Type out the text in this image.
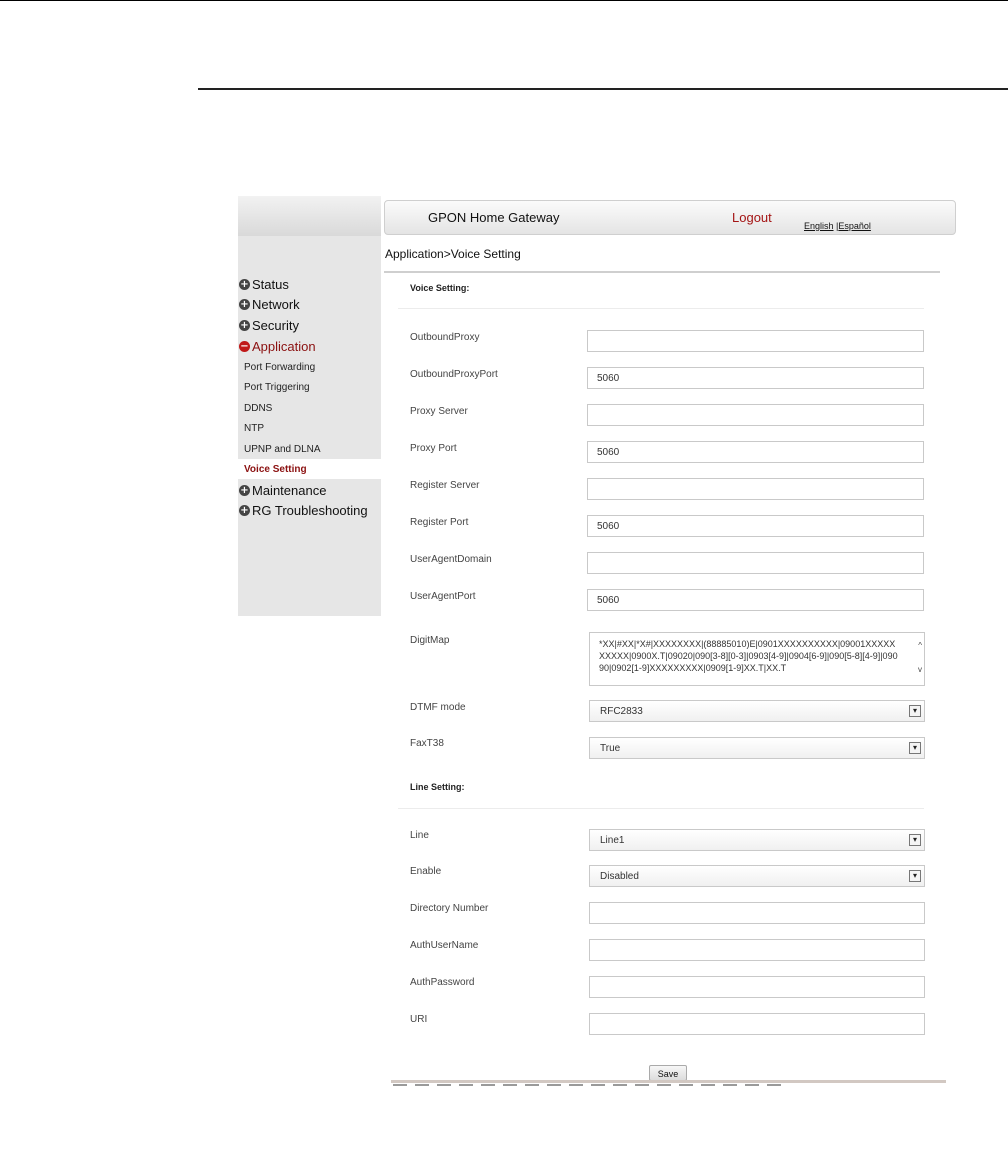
+ Status
+ Network
+ Security
− Application
Port Forwarding
Port Triggering
DDNS
NTP
UPNP and DLNA
Voice Setting
+ Maintenance
+ RG Troubleshooting
GPON Home Gateway	Logout
English |Español
Application>Voice Setting
Voice Setting:
OutboundProxy
OutboundProxyPort	5060
Proxy Server
Proxy Port	5060
Register Server
Register Port	5060
UserAgentDomain
UserAgentPort	5060
DigitMap	*XX|#XX|*X#|XXXXXXXX|(88885010)E|0901XXXXXXXXXX|09001XXXXXXXXXX|0900X.T|09020|090[3-8][0-3]|0903[4-9]|0904[6-9]|090[5-8][4-9]|09090|0902[1-9]XXXXXXXXX|0909[1-9]XX.T|XX.T
^
v
DTMF mode	RFC2833	▾
FaxT38	True	▾
Line Setting:
Line	Line1	▾
Enable	Disabled	▾
Directory Number
AuthUserName
AuthPassword
URI
Save
